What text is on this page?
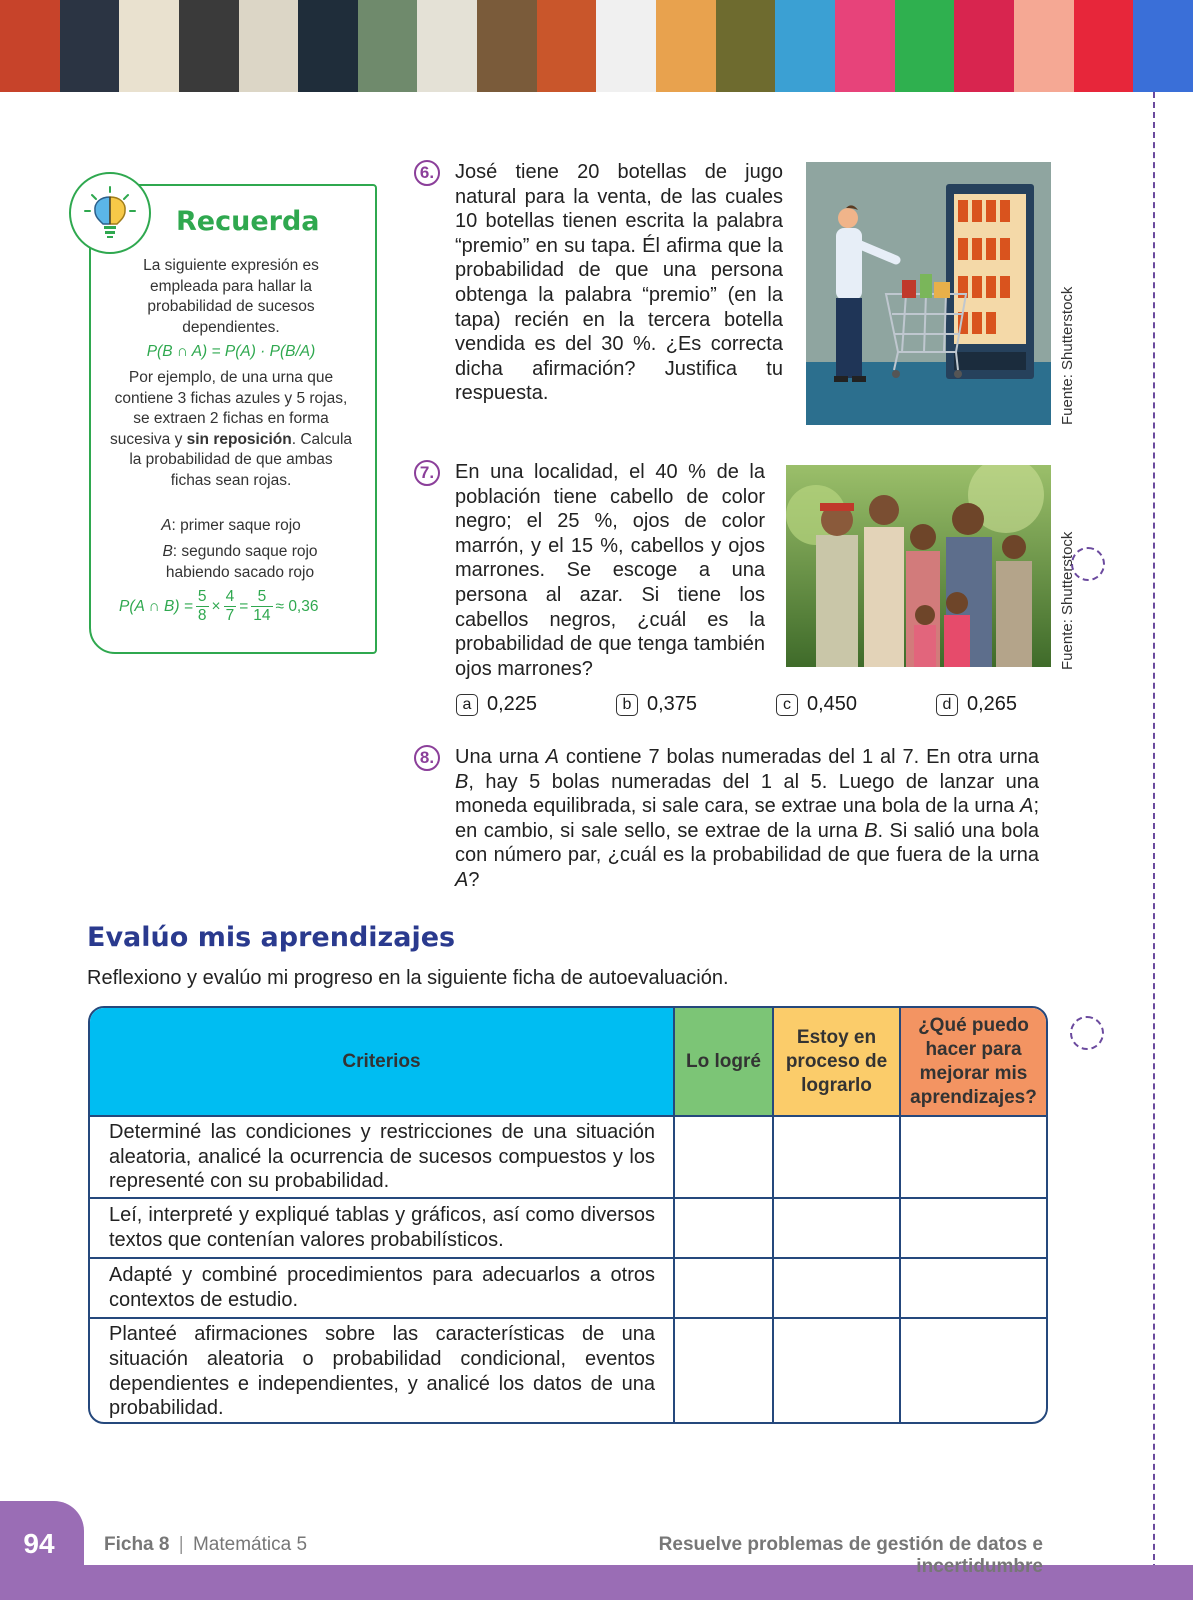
Recuerda
La siguiente expresión es empleada para hallar la probabilidad de sucesos dependientes.
P(B ∩ A) = P(A) · P(B/A)
Por ejemplo, de una urna que contiene 3 fichas azules y 5 rojas, se extraen 2 fichas en forma sucesiva y sin reposición. Calcula la probabilidad de que ambas fichas sean rojas.
A: primer saque rojo
B: segundo saque rojo habiendo sacado rojo
P(A ∩ $B) = \frac{5}{8} \times \frac{4}{7} = \frac{5}{14} \approx 0,36$
6. José tiene 20 botellas de jugo natural para la venta, de las cuales 10 botellas tienen escrita la palabra “premio” en su tapa. Él afirma que la probabilidad de que una persona obtenga la palabra “premio” (en la tapa) recién en la tercera botella vendida es del 30 %. ¿Es correcta dicha afirmación? Justifica tu respuesta.	Fuente: Shutterstock
7. En una localidad, el 40 % de la población tiene cabello de color negro; el 25 %, ojos de color marrón, y el 15 %, cabellos y ojos marrones. Se escoge a una persona al azar. Si tiene los cabellos negros, ¿cuál es la probabilidad de que tenga también ojos marrones?	Fuente: Shutterstock
a 0,225	b 0,375	c 0,450	d 0,265
8. Una urna A contiene 7 bolas numeradas del 1 al 7. En otra urna B, hay 5 bolas numeradas del 1 al 5. Luego de lanzar una moneda equilibrada, si sale cara, se extrae una bola de la urna A; en cambio, si sale sello, se extrae de la urna B. Si salió una bola con número par, ¿cuál es la probabilidad de que fuera de la urna A?
Evalúo mis aprendizajes
Reflexiono y evalúo mi progreso en la siguiente ficha de autoevaluación.
Criterios	Lo logré	Estoy en proceso de lograrlo	¿Qué puedo hacer para mejorar mis aprendizajes?
Determiné las condiciones y restricciones de una situación aleatoria, analicé la ocurrencia de sucesos compuestos y los representé con su probabilidad.			
Leí, interpreté y expliqué tablas y gráficos, así como diversos textos que contenían valores probabilísticos.			
Adapté y combiné procedimientos para adecuarlos a otros contextos de estudio.			
Planteé afirmaciones sobre las características de una situación aleatoria o probabilidad condicional, eventos dependientes e independientes, y analicé los datos de una probabilidad.			
94	Ficha 8 | Matemática 5	Resuelve problemas de gestión de datos e incertidumbre
